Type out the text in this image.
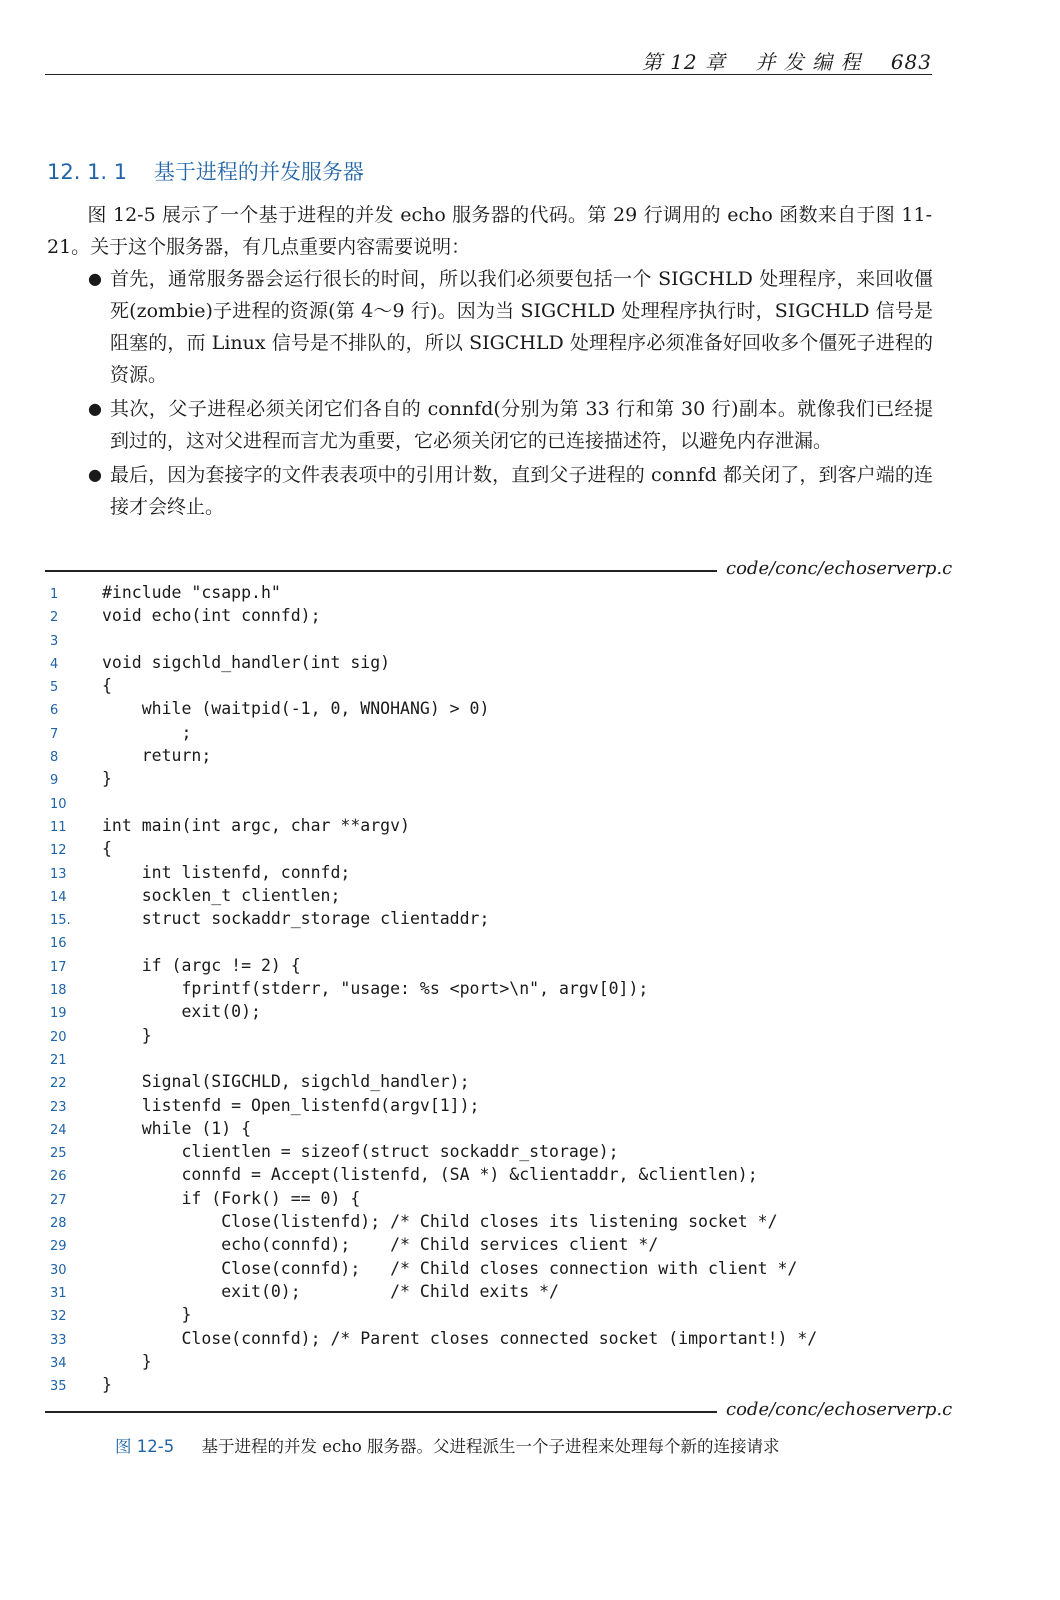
第 12 章 并 发 编 程 683
12. 1. 1 基于进程的并发服务器
图 12-5 展示了一个基于进程的并发 echo 服务器的代码。第 29 行调用的 echo 函数来自于图 11-21。关于这个服务器，有几点重要内容需要说明：
● 首先，通常服务器会运行很长的时间，所以我们必须要包括一个 SIGCHLD 处理程序，来回收僵死(zombie)子进程的资源(第 4～9 行)。因为当 SIGCHLD 处理程序执行时，SIGCHLD 信号是阻塞的，而 Linux 信号是不排队的，所以 SIGCHLD 处理程序必须准备好回收多个僵死子进程的资源。
● 其次，父子进程必须关闭它们各自的 connfd(分别为第 33 行和第 30 行)副本。就像我们已经提到过的，这对父进程而言尤为重要，它必须关闭它的已连接描述符，以避免内存泄漏。
● 最后，因为套接字的文件表表项中的引用计数，直到父子进程的 connfd 都关闭了，到客户端的连接才会终止。
code/conc/echoserverp.c
1	#include "csapp.h"
2	void echo(int connfd);
3
4	void sigchld_handler(int sig)
5	{
6	while (waitpid(-1, 0, WNOHANG) > 0)
7	;
8	return;
9	}
10
11 int main(int argc, char **argv)
12 {
13    int listenfd, connfd;
14    socklen_t clientlen;
15.    struct sockaddr_storage clientaddr;
16
17    if (argc != 2) {
18        fprintf(stderr, "usage: %s <port>\n", argv[0]);
19        exit(0);
20    }
21
22    Signal(SIGCHLD, sigchld_handler);
23    listenfd = Open_listenfd(argv[1]);
24    while (1) {
25        clientlen = sizeof(struct sockaddr_storage);
26        connfd = Accept(listenfd, (SA *) &clientaddr, &clientlen);
27        if (Fork() == 0) {
28            Close(listenfd); /* Child closes its listening socket */
29            echo(connfd);    /* Child services client */
30            Close(connfd);   /* Child closes connection with client */
31            exit(0);         /* Child exits */
32        }
33        Close(connfd); /* Parent closes connected socket (important!) */
34    }
35 }
code/conc/echoserverp.c
图 12-5 基于进程的并发 echo 服务器。父进程派生一个子进程来处理每个新的连接请求
